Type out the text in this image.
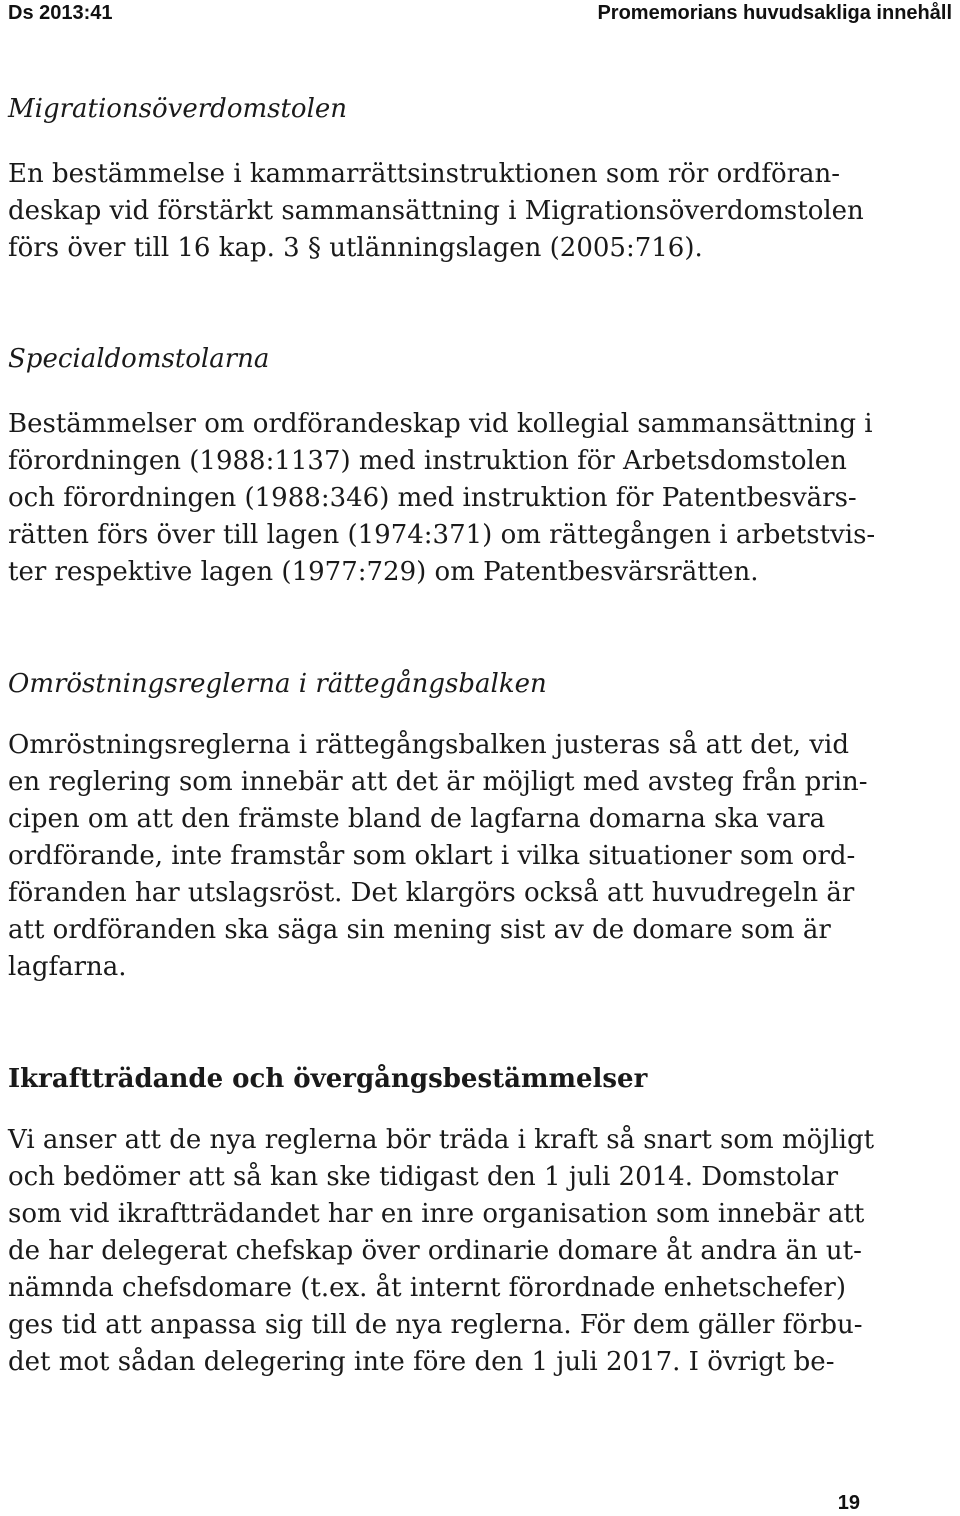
Ds 2013:41	Promemorians huvudsakliga innehåll
Migrationsöverdomstolen

En bestämmelse i kammarrättsinstruktionen som rör ordföran-
deskap vid förstärkt sammansättning i Migrationsöverdomstolen
förs över till 16 kap. 3 § utlänningslagen (2005:716).

Specialdomstolarna

Bestämmelser om ordförandeskap vid kollegial sammansättning i
förordningen (1988:1137) med instruktion för Arbetsdomstolen
och förordningen (1988:346) med instruktion för Patentbesvärs-
rätten förs över till lagen (1974:371) om rättegången i arbetstvis-
ter respektive lagen (1977:729) om Patentbesvärsrätten.

Omröstningsreglerna i rättegångsbalken

Omröstningsreglerna i rättegångsbalken justeras så att det, vid
en reglering som innebär att det är möjligt med avsteg från prin-
cipen om att den främste bland de lagfarna domarna ska vara
ordförande, inte framstår som oklart i vilka situationer som ord-
föranden har utslagsröst. Det klargörs också att huvudregeln är
att ordföranden ska säga sin mening sist av de domare som är
lagfarna.

Ikraftträdande och övergångsbestämmelser

Vi anser att de nya reglerna bör träda i kraft så snart som möjligt
och bedömer att så kan ske tidigast den 1 juli 2014. Domstolar
som vid ikraftträdandet har en inre organisation som innebär att
de har delegerat chefskap över ordinarie domare åt andra än ut-
nämnda chefsdomare (t.ex. åt internt förordnade enhetschefer)
ges tid att anpassa sig till de nya reglerna. För dem gäller förbu-
det mot sådan delegering inte före den 1 juli 2017. I övrigt be-

19
